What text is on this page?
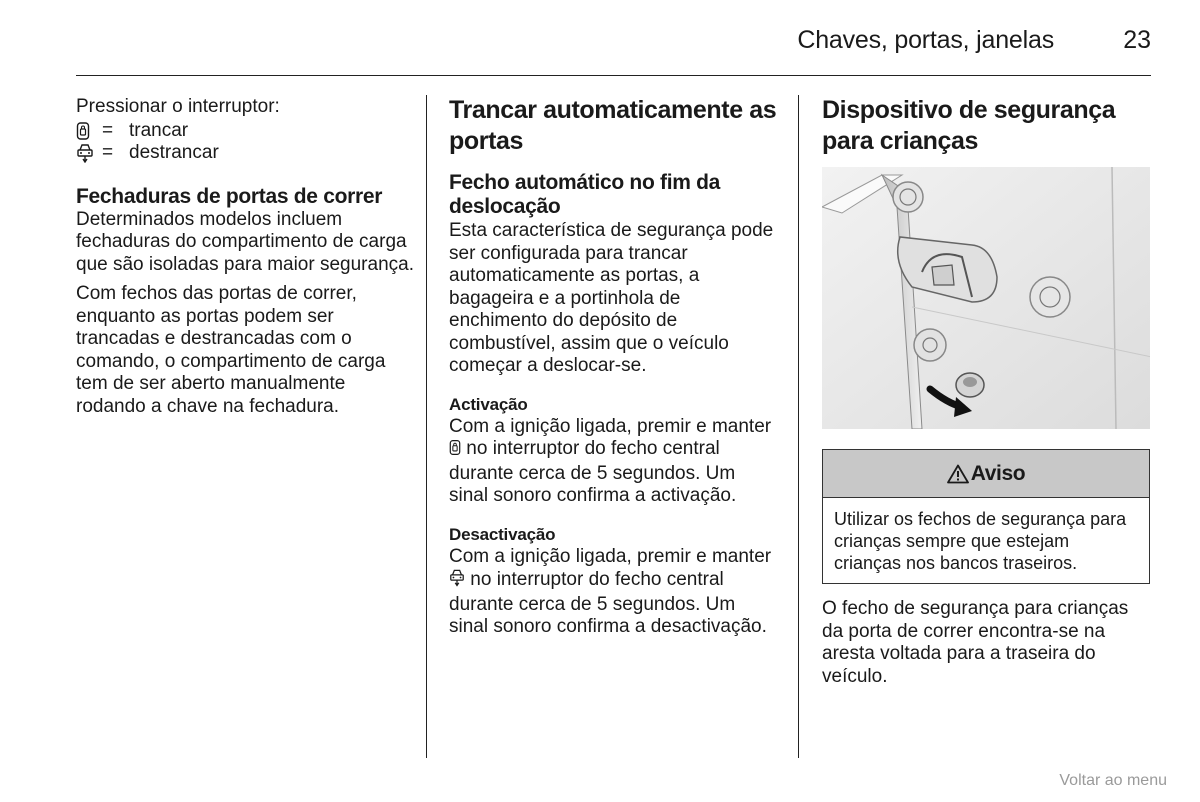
Chaves, portas, janelas	23

Pressionar o interruptor:

= trancar
= destrancar
Fechaduras de portas de correr

Determinados modelos incluem fechaduras do compartimento de carga que são isoladas para maior segurança.

Com fechos das portas de correr, enquanto as portas podem ser trancadas e destrancadas com o comando, o compartimento de carga tem de ser aberto manualmente rodando a chave na fechadura.

Trancar automaticamente as portas
Fecho automático no fim da deslocação

Esta característica de segurança pode ser configurada para trancar automaticamente as portas, a bagageira e a portinhola de enchimento do depósito de combustível, assim que o veículo começar a deslocar-se.

Activação

Com a ignição ligada, premir e manter  no interruptor do fecho central durante cerca de 5 segundos. Um sinal sonoro confirma a activação.

Desactivação

Com a ignição ligada, premir e manter  no interruptor do fecho central durante cerca de 5 segundos. Um sinal sonoro confirma a desactivação.

Dispositivo de segurança para crianças
Aviso
Utilizar os fechos de segurança para crianças sempre que estejam crianças nos bancos traseiros.

O fecho de segurança para crianças da porta de correr encontra-se na aresta voltada para a traseira do veículo.

Voltar ao menu
